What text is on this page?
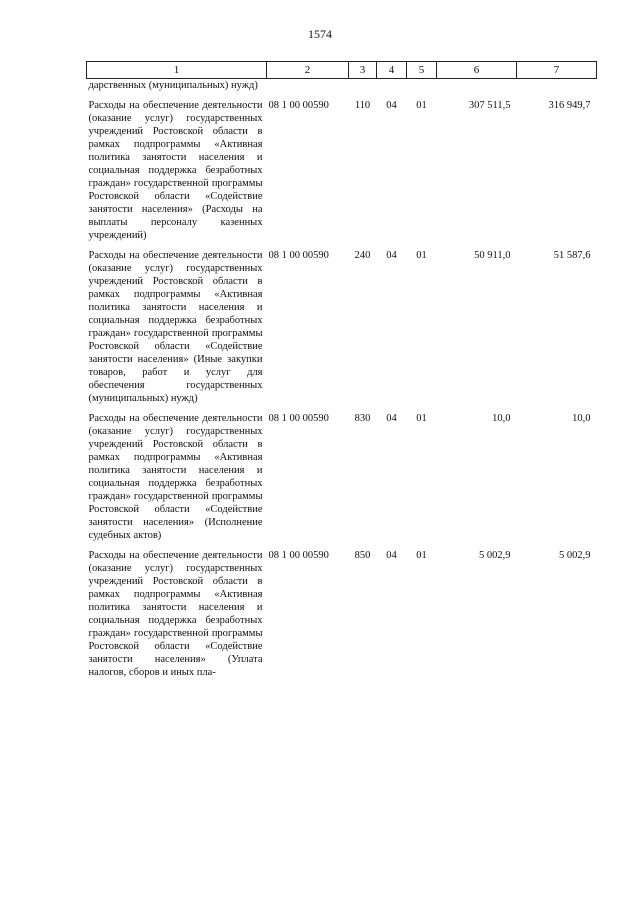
1574
1	2	3	4	5	6	7
дарственных (муниципальных) нужд)						
Расходы на обеспечение деятельности (оказание услуг) государственных учреждений Ростовской области в рамках подпрограммы «Активная политика занятости населения и социальная поддержка безработных граждан» государственной программы Ростовской области «Содействие занятости населения» (Расходы на выплаты персоналу казенных учреждений)	08 1 00 00590	110	04	01	307 511,5	316 949,7
Расходы на обеспечение деятельности (оказание услуг) государственных учреждений Ростовской области в рамках подпрограммы «Активная политика занятости населения и социальная поддержка безработных граждан» государственной программы Ростовской области «Содействие занятости населения» (Иные закупки товаров, работ и услуг для обеспечения государственных (муниципальных) нужд)	08 1 00 00590	240	04	01	50 911,0	51 587,6
Расходы на обеспечение деятельности (оказание услуг) государственных учреждений Ростовской области в рамках подпрограммы «Активная политика занятости населения и социальная поддержка безработных граждан» государственной программы Ростовской области «Содействие занятости населения» (Исполнение судебных актов)	08 1 00 00590	830	04	01	10,0	10,0
Расходы на обеспечение деятельности (оказание услуг) государственных учреждений Ростовской области в рамках подпрограммы «Активная политика занятости населения и социальная поддержка безработных граждан» государственной программы Ростовской области «Содействие занятости населения» (Уплата налогов, сборов и иных пла-	08 1 00 00590	850	04	01	5 002,9	5 002,9
